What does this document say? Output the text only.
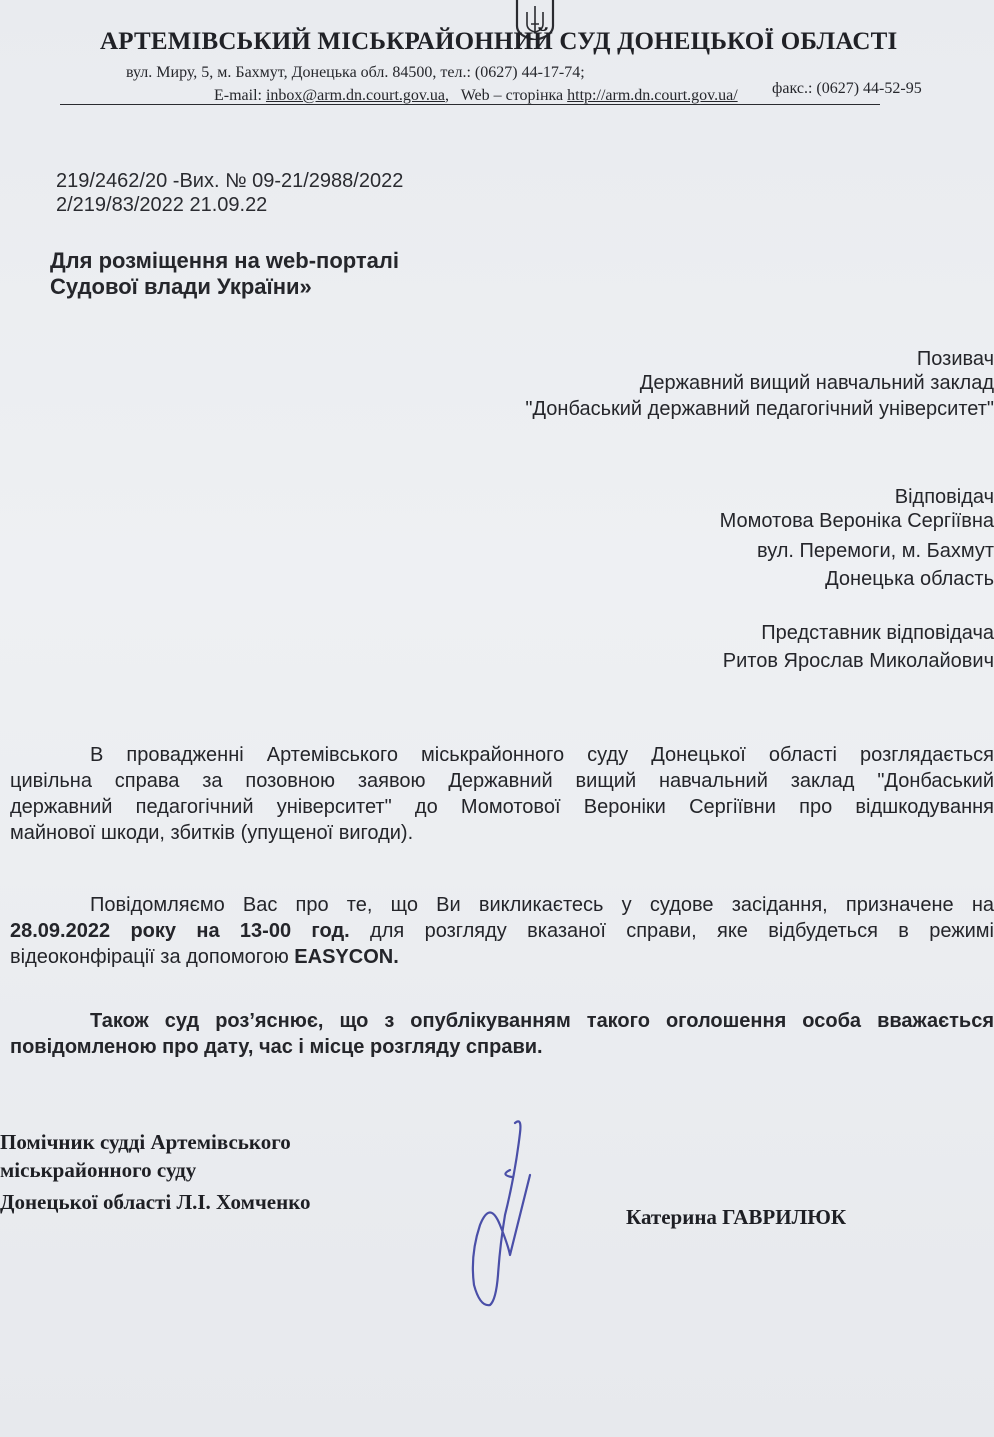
АРТЕМІВСЬКИЙ МІСЬКРАЙОННИЙ СУД ДОНЕЦЬКОЇ ОБЛАСТІ
вул. Миру, 5, м. Бахмут, Донецька обл. 84500, тел.: (0627) 44-17-74;
факс.: (0627) 44-52-95
E-mail: inbox@arm.dn.court.gov.ua,   Web – сторінка http://arm.dn.court.gov.ua/
219/2462/20 -Вих. № 09-21/2988/2022
2/219/83/2022 21.09.22
Для розміщення на web-порталі
Судової влади України»
Позивач
Державний вищий навчальний заклад
"Донбаський державний педагогічний університет"
Відповідач
Момотова Вероніка Сергіївна
вул. Перемоги, м. Бахмут
Донецька область
Представник відповідача
Ритов Ярослав Миколайович
В провадженні Артемівського міськрайонного суду Донецької області розглядається
цивільна справа за позовною заявою Державний вищий навчальний заклад "Донбаський
державний педагогічний університет" до Момотової Вероніки Сергіївни про відшкодування
майнової шкоди, збитків (упущеної вигоди).
Повідомляємо Вас про те, що Ви викликаєтесь у судове засідання, призначене на
28.09.2022 року на 13-00 год. для розгляду вказаної справи, яке відбудеться в режимі
відеоконфірації за допомогою EASYCON.
Також суд роз’яснює, що з опублікуванням такого оголошення особа вважається
повідомленою про дату, час і місце розгляду справи.
Помічник судді Артемівського
міськрайонного суду
Донецької області Л.І. Хомченко
Катерина ГАВРИЛЮК
